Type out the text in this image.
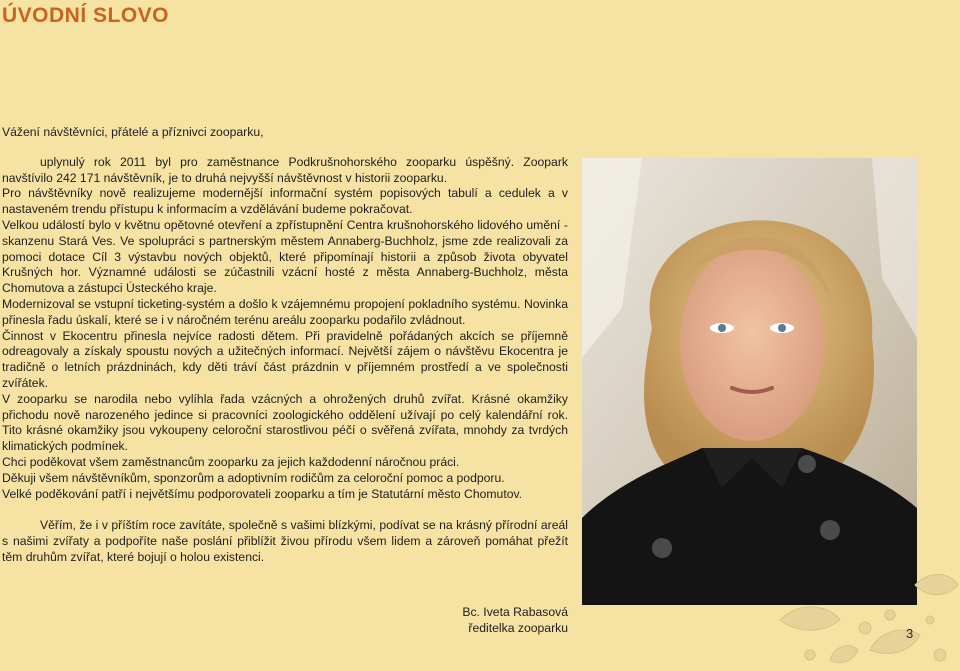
ÚVODNÍ SLOVO

Vážení návštěvníci, přátelé a příznivci zooparku,

uplynulý rok 2011 byl pro zaměstnance Podkrušnohorského zooparku úspěšný. Zoopark navštívilo 242 171 návštěvník, je to druhá nejvyšší návštěvnost v historii zooparku.

Pro návštěvníky nově realizujeme modernější informační systém popisových tabulí a cedulek a v nastaveném trendu přístupu k informacím a vzdělávání budeme pokračovat.

Velkou událostí bylo v květnu opětovné otevření a zpřístupnění Centra krušnohorského lidového umění - skanzenu Stará Ves. Ve spolupráci s partnerským městem Annaberg-Buchholz, jsme zde realizovali za pomoci dotace Cíl 3 výstavbu nových objektů, které připomínají historii a způsob života obyvatel Krušných hor. Významné události se zúčastnili vzácní hosté z města Annaberg-Buchholz, města Chomutova a zástupci Ústeckého kraje.

Modernizoval se vstupní ticketing-systém a došlo k vzájemnému propojení pokladního systému. Novinka přinesla řadu úskalí, které se i v náročném terénu areálu zooparku podařilo zvládnout.

Činnost v Ekocentru přinesla nejvíce radosti dětem. Při pravidelně pořádaných akcích se příjemně odreagovaly a získaly spoustu nových a užitečných informací. Největší zájem o návštěvu Ekocentra je tradičně o letních prázdninách, kdy děti tráví část prázdnin v příjemném prostředí a ve společnosti zvířátek.

V zooparku se narodila nebo vylíhla řada vzácných a ohrožených druhů zvířat. Krásné okamžiky přichodu nově narozeného jedince si pracovníci zoologického oddělení užívají po celý kalendářní rok. Tito krásné okamžiky jsou vykoupeny celoroční starostlivou péčí o svěřená zvířata, mnohdy za tvrdých klimatických podmínek.

Chci poděkovat všem zaměstnancům zooparku za jejich každodenní náročnou práci.

Děkuji všem návštěvníkům, sponzorům a adoptivním rodičům za celoroční pomoc a podporu.

Velké poděkování patří i největšímu podporovateli zooparku a tím je Statutární město Chomutov.

Věřím, že i v příštím roce zavítáte, společně s vašimi blízkými, podívat se na krásný přírodní areál s našimi zvířaty a podpoříte naše poslání přiblížit živou přírodu všem lidem a zároveň pomáhat přežít těm druhům zvířat, které bojují o holou existenci.

Bc. Iveta Rabasová
ředitelka zooparku	3
